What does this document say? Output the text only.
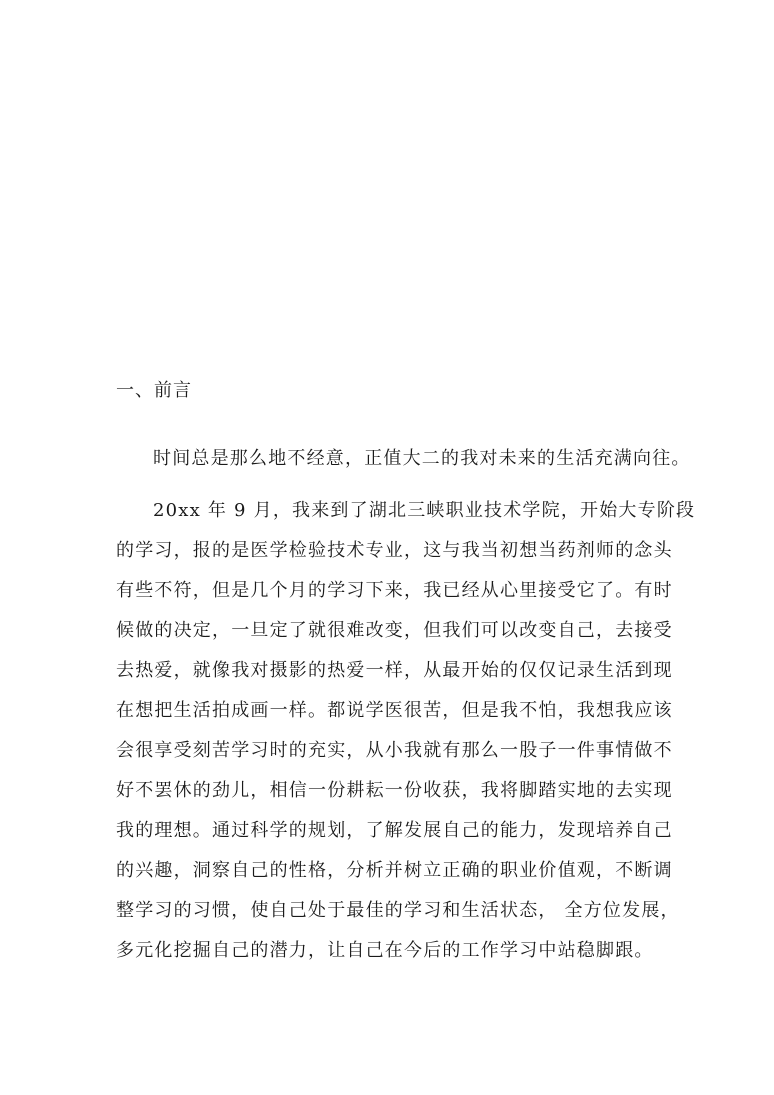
一、前言

时间总是那么地不经意，正值大二的我对未来的生活充满向往。

20xx 年 9 月，我来到了湖北三峡职业技术学院，开始大专阶段

的学习，报的是医学检验技术专业，这与我当初想当药剂师的念头

有些不符，但是几个月的学习下来，我已经从心里接受它了。有时

候做的决定，一旦定了就很难改变，但我们可以改变自己，去接受

去热爱，就像我对摄影的热爱一样，从最开始的仅仅记录生活到现

在想把生活拍成画一样。都说学医很苦，但是我不怕，我想我应该

会很享受刻苦学习时的充实，从小我就有那么一股子一件事情做不

好不罢休的劲儿，相信一份耕耘一份收获，我将脚踏实地的去实现

我的理想。通过科学的规划，了解发展自己的能力，发现培养自己

的兴趣，洞察自己的性格，分析并树立正确的职业价值观，不断调

整学习的习惯，使自己处于最佳的学习和生活状态， 全方位发展，

多元化挖掘自己的潜力，让自己在今后的工作学习中站稳脚跟。
